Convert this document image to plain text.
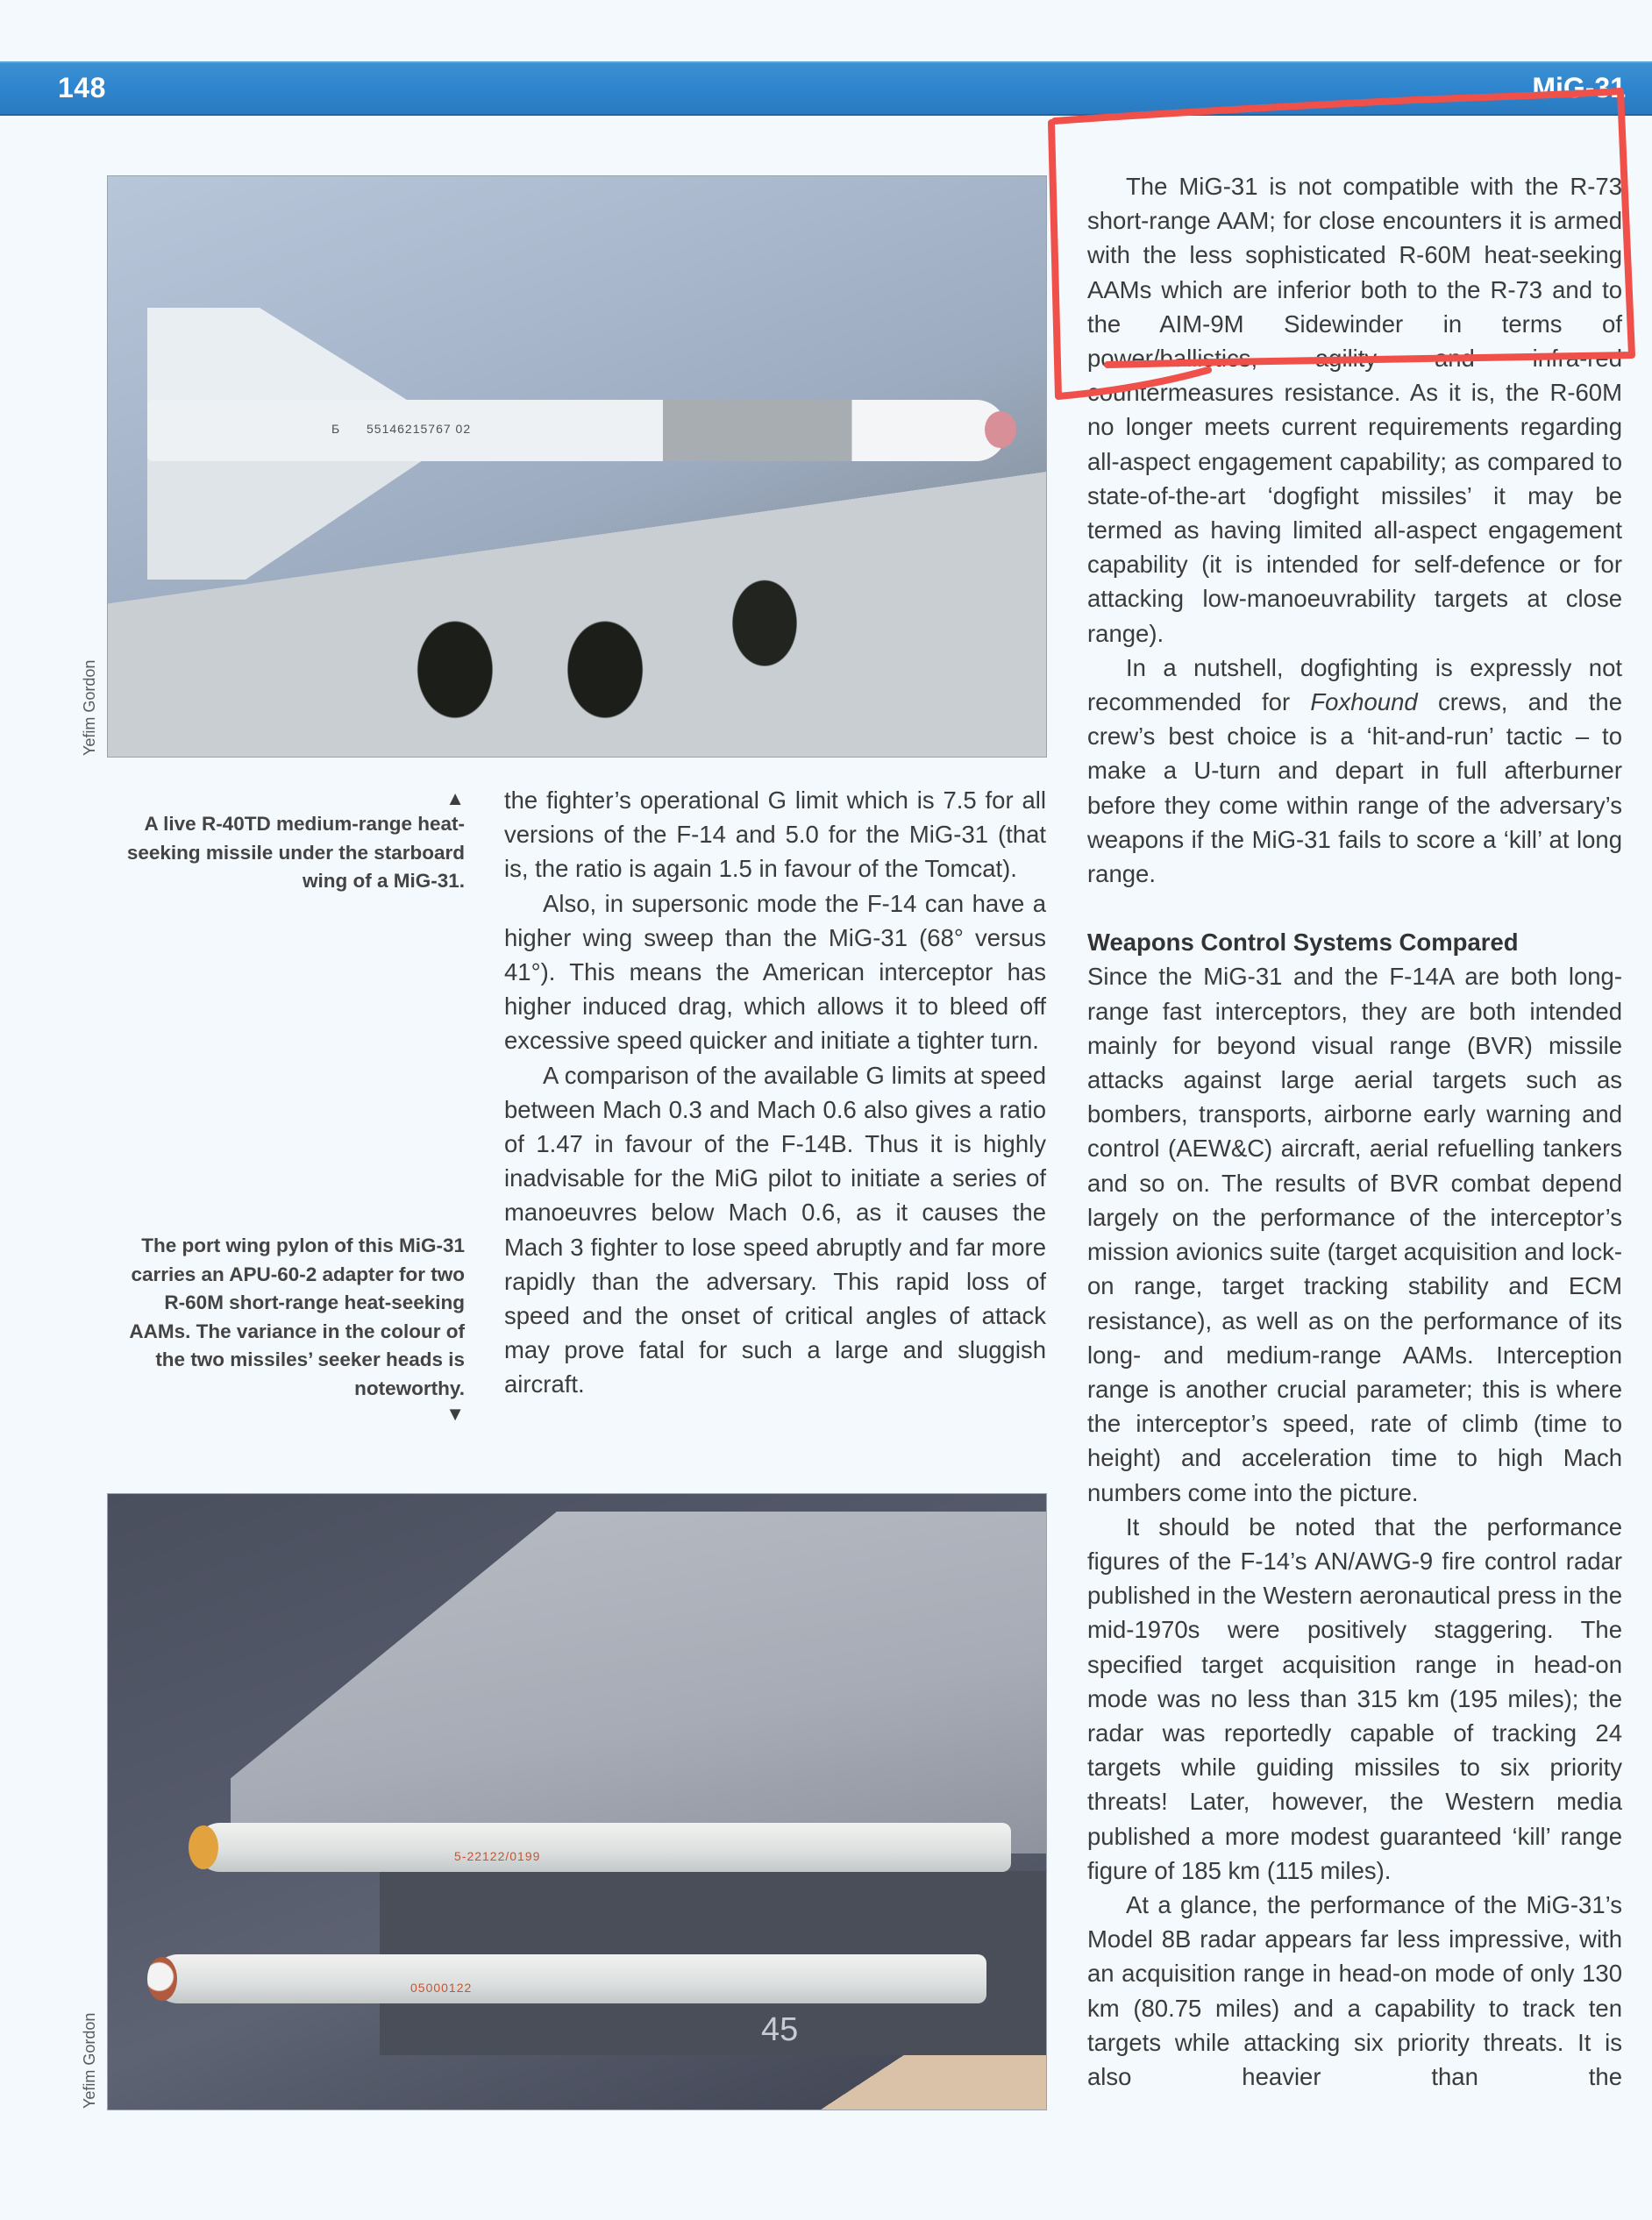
148	MiG-31
55146215767 02
Б
Yefim Gordon
▲
A live R-40TD medium-range heat-seeking missile under the starboard wing of a MiG-31.
The port wing pylon of this MiG-31 carries an APU-60-2 adapter for two R-60M short-range heat-seeking AAMs. The variance in the colour of the two missiles’ seeker heads is noteworthy.
▼

the fighter’s operational G limit which is 7.5 for all versions of the F-14 and 5.0 for the MiG-31 (that is, the ratio is again 1.5 in favour of the Tomcat).

Also, in supersonic mode the F-14 can have a higher wing sweep than the MiG-31 (68° versus 41°). This means the American interceptor has higher induced drag, which allows it to bleed off excessive speed quicker and initiate a tighter turn.

A comparison of the available G limits at speed between Mach 0.3 and Mach 0.6 also gives a ratio of 1.47 in favour of the F-14B. Thus it is highly inadvisable for the MiG pilot to initiate a series of manoeuvres below Mach 0.6, as it causes the Mach 3 fighter to lose speed abruptly and far more rapidly than the adversary. This rapid loss of speed and the onset of critical angles of attack may prove fatal for such a large and sluggish aircraft.

45
5-22122/0199
05000122
Yefim Gordon

The MiG-31 is not compatible with the R-73 short-range AAM; for close encounters it is armed with the less sophisticated R-60M heat-seeking AAMs which are inferior both to the R-73 and to the AIM-9M Sidewinder in terms of power/ballistics, agility and infra-red countermeasures resistance. As it is, the R-60M no longer meets current requirements regarding all-aspect engagement capability; as compared to state-of-the-art ‘dogfight missiles’ it may be termed as having limited all-aspect engagement capability (it is intended for self-defence or for attacking low-manoeuvrability targets at close range).

In a nutshell, dogfighting is expressly not recommended for Foxhound crews, and the crew’s best choice is a ‘hit-and-run’ tactic – to make a U-turn and depart in full afterburner before they come within range of the adversary’s weapons if the MiG-31 fails to score a ‘kill’ at long range.

Weapons Control Systems Compared

Since the MiG-31 and the F-14A are both long-range fast interceptors, they are both intended mainly for beyond visual range (BVR) missile attacks against large aerial targets such as bombers, transports, airborne early warning and control (AEW&C) aircraft, aerial refuelling tankers and so on. The results of BVR combat depend largely on the performance of the interceptor’s mission avionics suite (target acquisition and lock-on range, target tracking stability and ECM resistance), as well as on the performance of its long- and medium-range AAMs. Interception range is another crucial parameter; this is where the interceptor’s speed, rate of climb (time to height) and acceleration time to high Mach numbers come into the picture.

It should be noted that the performance figures of the F-14’s AN/AWG-9 fire control radar published in the Western aeronautical press in the mid-1970s were positively staggering. The specified target acquisition range in head-on mode was no less than 315 km (195 miles); the radar was reportedly capable of tracking 24 targets while guiding missiles to six priority threats! Later, however, the Western media published a more modest guaranteed ‘kill’ range figure of 185 km (115 miles).

At a glance, the performance of the MiG-31’s Model 8B radar appears far less impressive, with an acquisition range in head-on mode of only 130 km (80.75 miles) and a capability to track ten targets while attacking six priority threats. It is also heavier than the
